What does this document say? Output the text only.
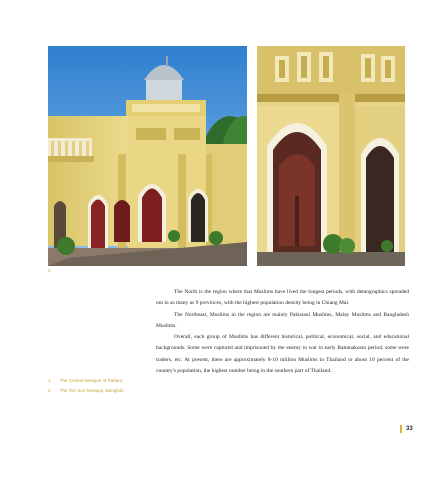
2

The North is the region where that Muslims have lived the longest periods, with demographics spreaded out in as many as 9 provinces, with the highest population density being in Chiang Mai.

The Northeast, Muslims in the region are mainly Pakistani Muslims, Malay Muslims and Bangladesh Muslims.

Overall, each group of Muslims has different historical, political, economical, social, and educational backgrounds. Some were captured and imprisoned by the enemy in war in early Rattanakosin period, some were traders, etc. At present, there are approximately 8-10 million Muslims in Thailand or about 10 percent of the country's population, the highest number being in the southern part of Thailand.

1 The Central Mosque of Pattani
2 The Ton Son Mosque, Bangkok
33
